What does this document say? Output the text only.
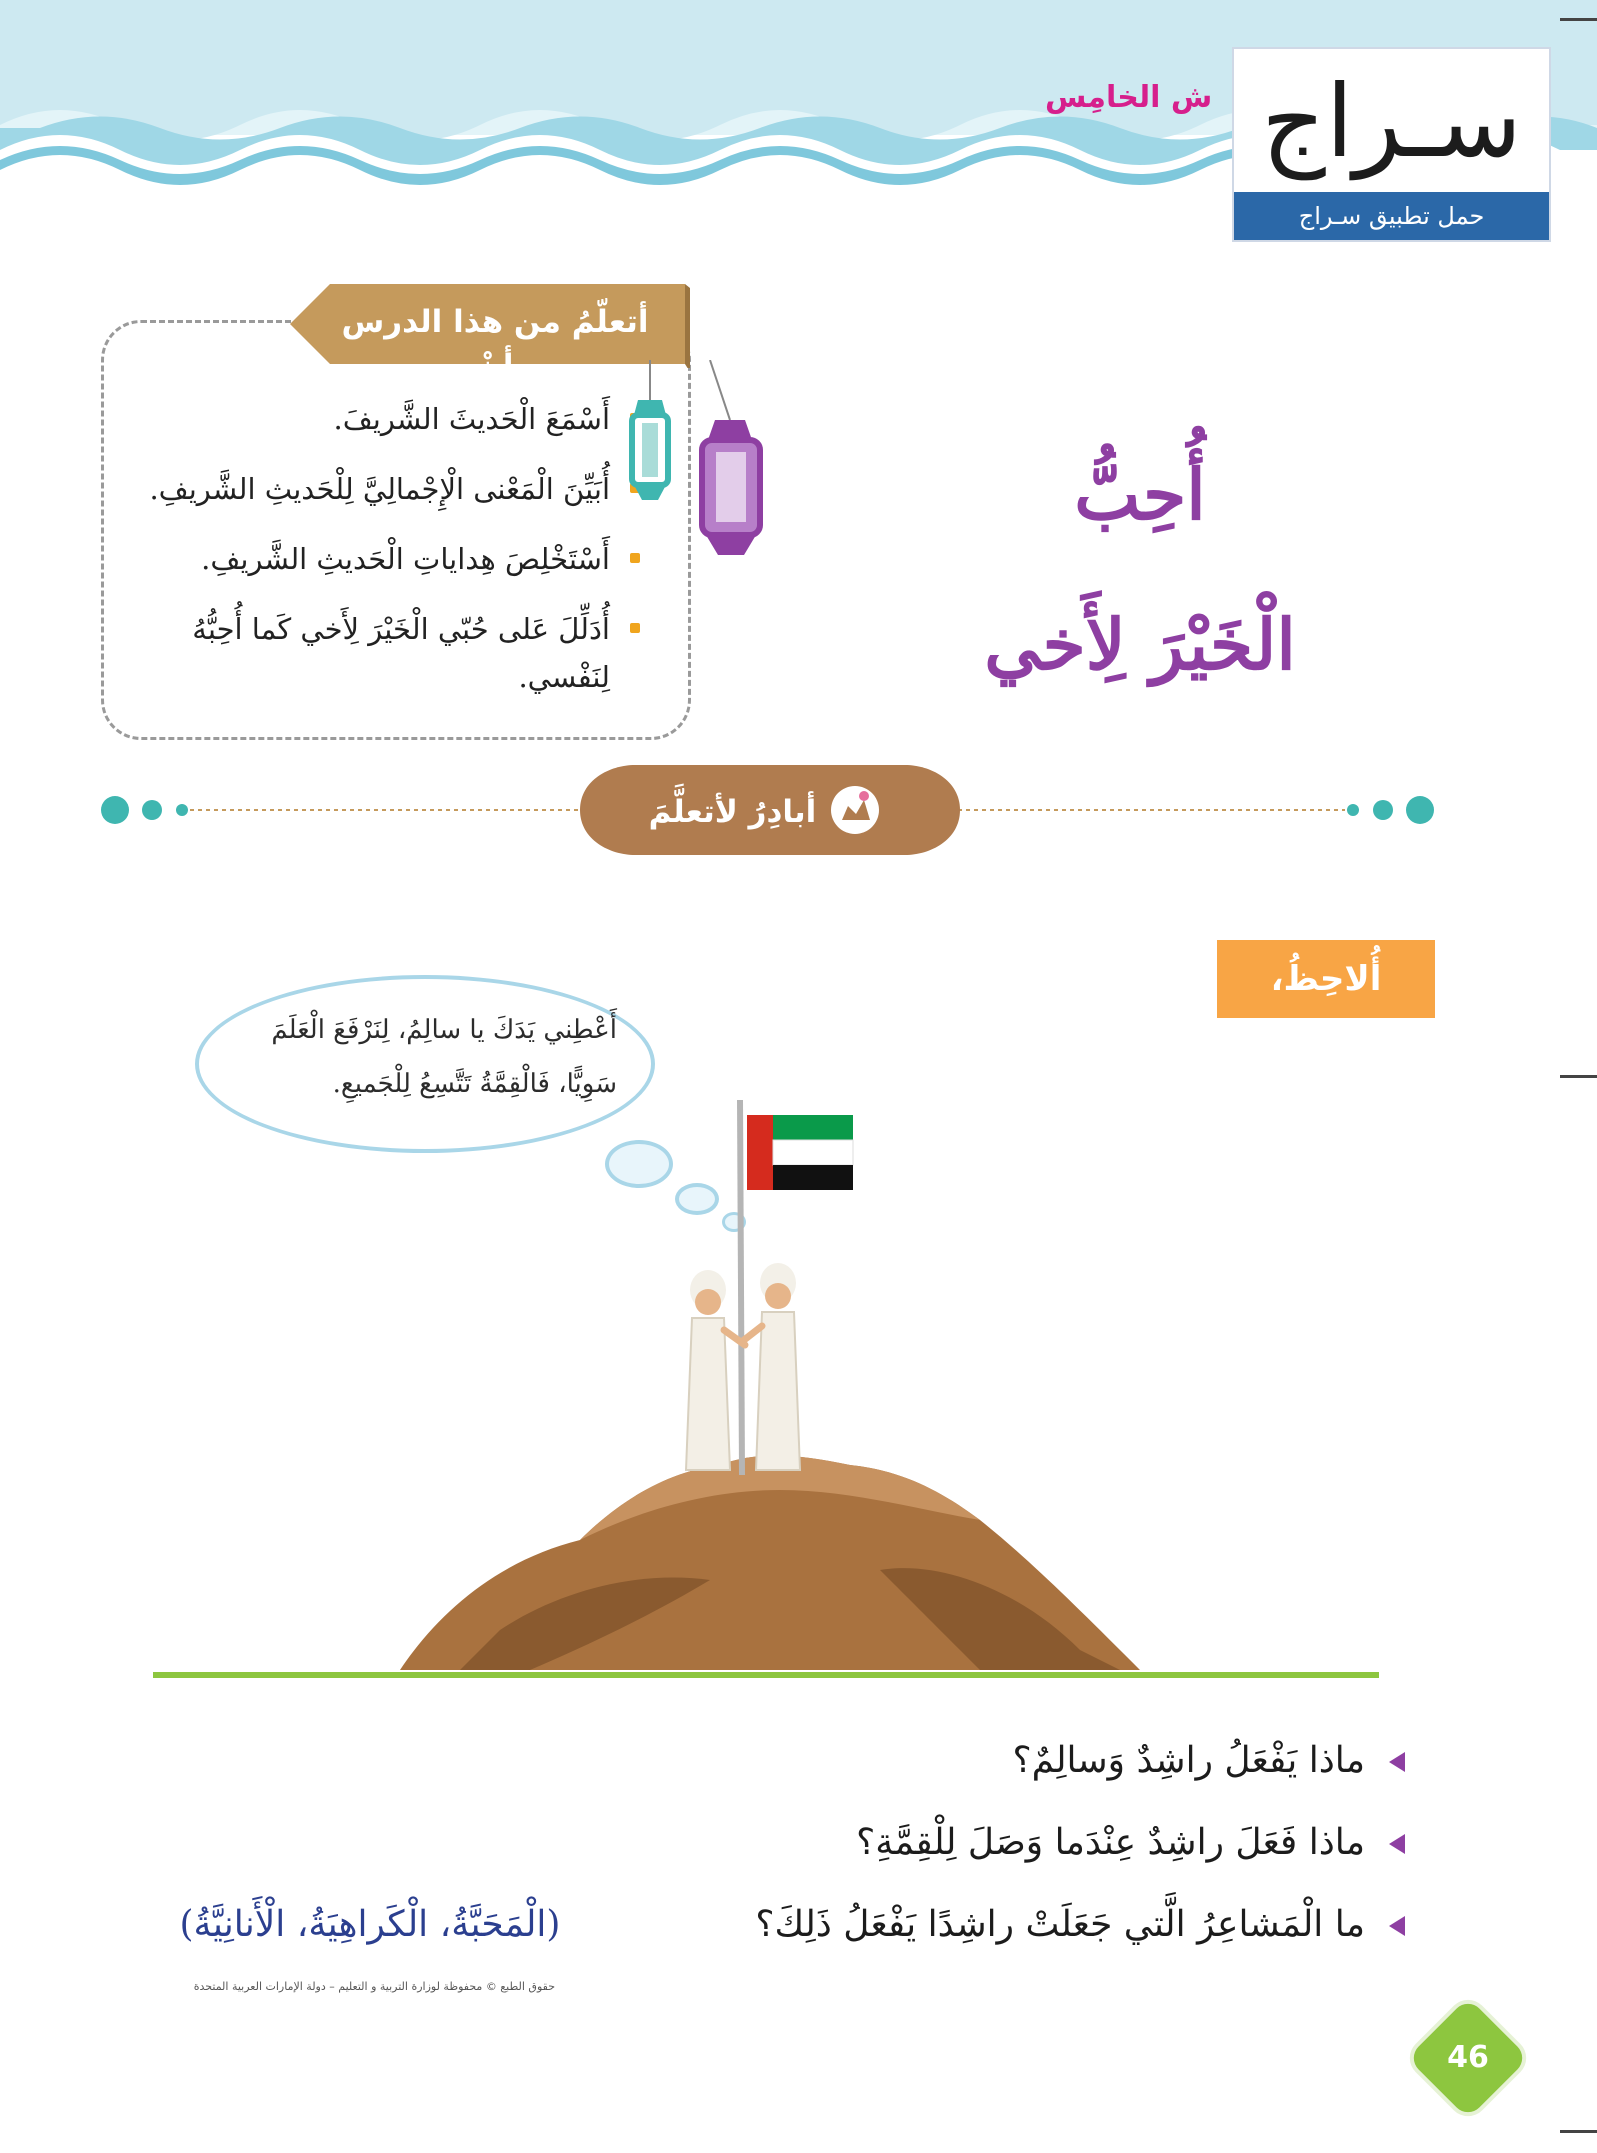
ش الخامِس سـراج
حمل تطبيق سـراج
أتعلّمُ من هذا الدرس أنْ
أَسْمَعَ الْحَديثَ الشَّريفَ.
أُبَيِّنَ الْمَعْنى الْإِجْمالِيَّ لِلْحَديثِ الشَّريفِ.
أَسْتَخْلِصَ هِداياتِ الْحَديثِ الشَّريفِ.
أُدَلِّلَ عَلى حُبّي الْخَيْرَ لِأَخي كَما أُحِبُّهُ لِنَفْسي.
أُحِبُّ
الْخَيْرَ لِأَخي
أبادِرُ لأتعلَّمَ
أُلاحِظُ، وأُجيبُ:
أَعْطِني يَدَكَ يا سالِمُ، لِنَرْفَعَ الْعَلَمَ سَوِيًّا، فَالْقِمَّةُ تَتَّسِعُ لِلْجَميعِ.
ماذا يَفْعَلُ راشِدٌ وَسالِمٌ؟
ماذا فَعَلَ راشِدٌ عِنْدَما وَصَلَ لِلْقِمَّةِ؟
ما الْمَشاعِرُ الَّتي جَعَلَتْ راشِدًا يَفْعَلُ ذَلِكَ؟
(الْمَحَبَّةُ، الْكَراهِيَةُ، الْأَنانِيَّةُ)
حقوق الطبع © محفوظة لوزارة التربية و التعليم – دولة الإمارات العربية المتحدة
46
